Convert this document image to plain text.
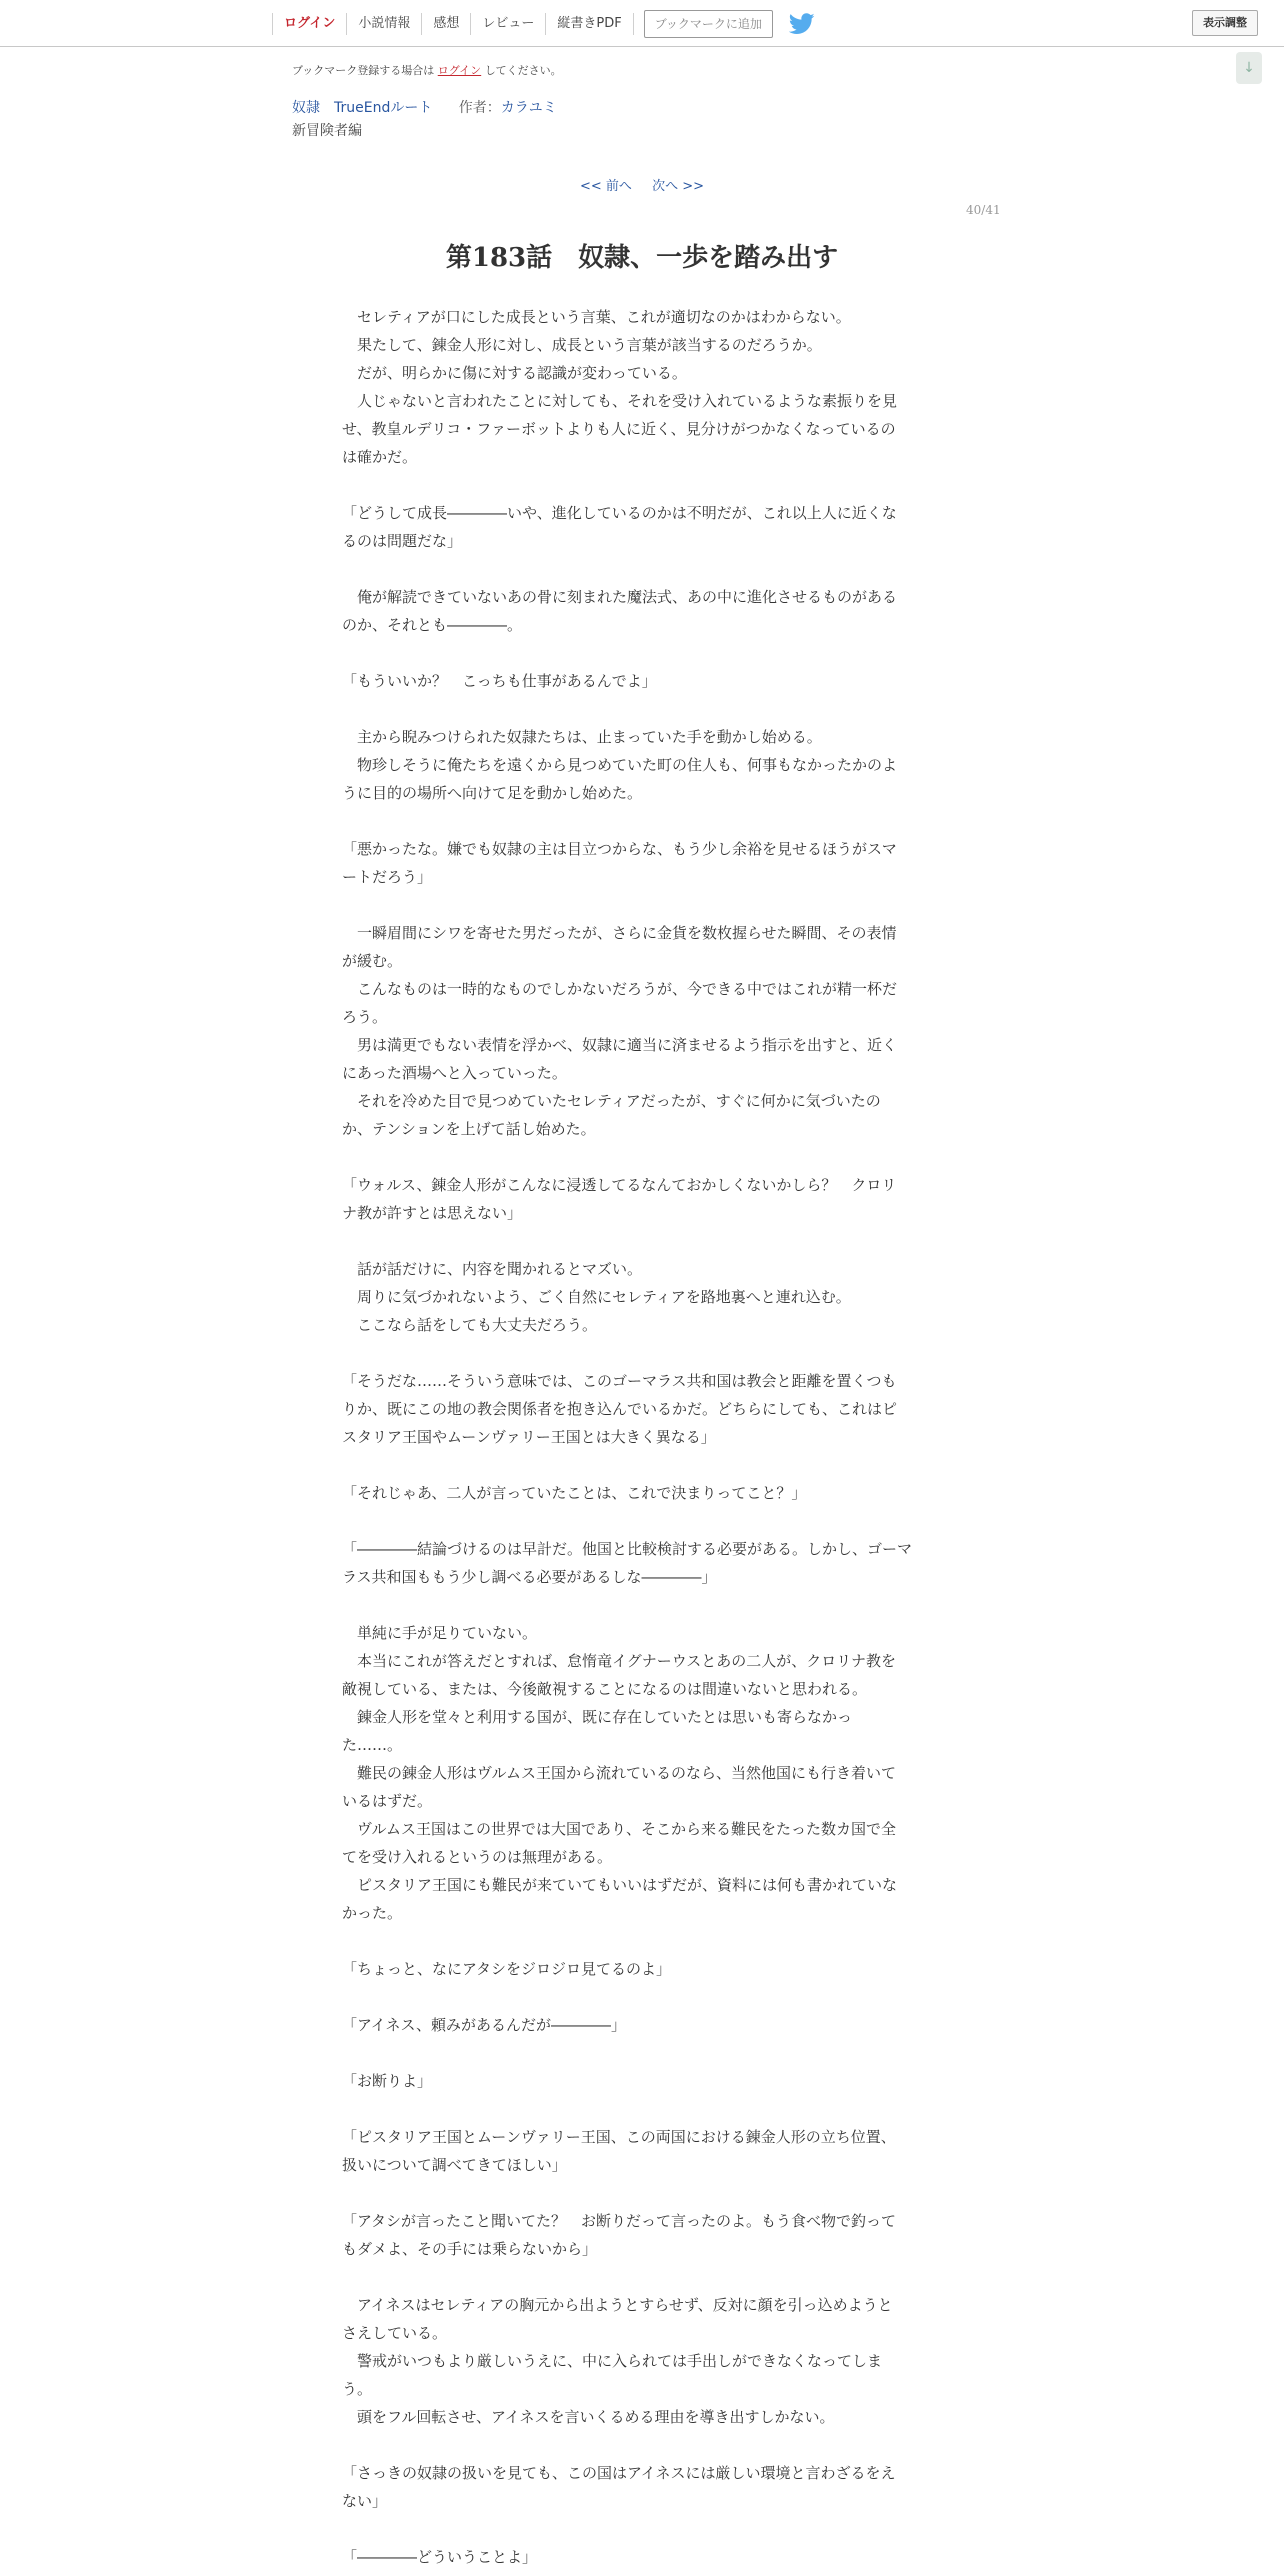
ログイン	小説情報	感想	レビュー	縦書きPDF	ブックマークに追加	表示調整
↓
ブックマーク登録する場合は ログイン してください。
奴隷　TrueEndルート 作者：カラユミ
新冒険者編
<< 前へ 次へ >>
40/41
第183話　奴隷、一歩を踏み出す

　セレティアが口にした成長という言葉、これが適切なのかはわからない。

　果たして、錬金人形に対し、成長という言葉が該当するのだろうか。

　だが、明らかに傷に対する認識が変わっている。

　人じゃないと言われたことに対しても、それを受け入れているような素振りを見

せ、教皇ルデリコ・ファーボットよりも人に近く、見分けがつかなくなっているの

は確かだ。

「どうして成長――――いや、進化しているのかは不明だが、これ以上人に近くな

るのは問題だな」

　俺が解読できていないあの骨に刻まれた魔法式、あの中に進化させるものがある

のか、それとも――――。

「もういいか？　こっちも仕事があるんでよ」

　主から睨みつけられた奴隷たちは、止まっていた手を動かし始める。

　物珍しそうに俺たちを遠くから見つめていた町の住人も、何事もなかったかのよ

うに目的の場所へ向けて足を動かし始めた。

「悪かったな。嫌でも奴隷の主は目立つからな、もう少し余裕を見せるほうがスマ

ートだろう」

　一瞬眉間にシワを寄せた男だったが、さらに金貨を数枚握らせた瞬間、その表情

が緩む。

　こんなものは一時的なものでしかないだろうが、今できる中ではこれが精一杯だ

ろう。

　男は満更でもない表情を浮かべ、奴隷に適当に済ませるよう指示を出すと、近く

にあった酒場へと入っていった。

　それを冷めた目で見つめていたセレティアだったが、すぐに何かに気づいたの

か、テンションを上げて話し始めた。

「ウォルス、錬金人形がこんなに浸透してるなんておかしくないかしら？　クロリ

ナ教が許すとは思えない」

　話が話だけに、内容を聞かれるとマズい。

　周りに気づかれないよう、ごく自然にセレティアを路地裏へと連れ込む。

　ここなら話をしても大丈夫だろう。

「そうだな……そういう意味では、このゴーマラス共和国は教会と距離を置くつも

りか、既にこの地の教会関係者を抱き込んでいるかだ。どちらにしても、これはピ

スタリア王国やムーンヴァリー王国とは大きく異なる」

「それじゃあ、二人が言っていたことは、これで決まりってこと？」

「――――結論づけるのは早計だ。他国と比較検討する必要がある。しかし、ゴーマ

ラス共和国ももう少し調べる必要があるしな――――」

　単純に手が足りていない。

　本当にこれが答えだとすれば、怠惰竜イグナーウスとあの二人が、クロリナ教を

敵視している、または、今後敵視することになるのは間違いないと思われる。

　錬金人形を堂々と利用する国が、既に存在していたとは思いも寄らなかっ

た……。

　難民の錬金人形はヴルムス王国から流れているのなら、当然他国にも行き着いて

いるはずだ。

　ヴルムス王国はこの世界では大国であり、そこから来る難民をたった数カ国で全

てを受け入れるというのは無理がある。

　ピスタリア王国にも難民が来ていてもいいはずだが、資料には何も書かれていな

かった。

「ちょっと、なにアタシをジロジロ見てるのよ」

「アイネス、頼みがあるんだが――――」

「お断りよ」

「ピスタリア王国とムーンヴァリー王国、この両国における錬金人形の立ち位置、

扱いについて調べてきてほしい」

「アタシが言ったこと聞いてた？　お断りだって言ったのよ。もう食べ物で釣って

もダメよ、その手には乗らないから」

　アイネスはセレティアの胸元から出ようとすらせず、反対に顔を引っ込めようと

さえしている。

　警戒がいつもより厳しいうえに、中に入られては手出しができなくなってしま

う。

　頭をフル回転させ、アイネスを言いくるめる理由を導き出すしかない。

「さっきの奴隷の扱いを見ても、この国はアイネスには厳しい環境と言わざるをえ

ない」

「――――どういうことよ」
